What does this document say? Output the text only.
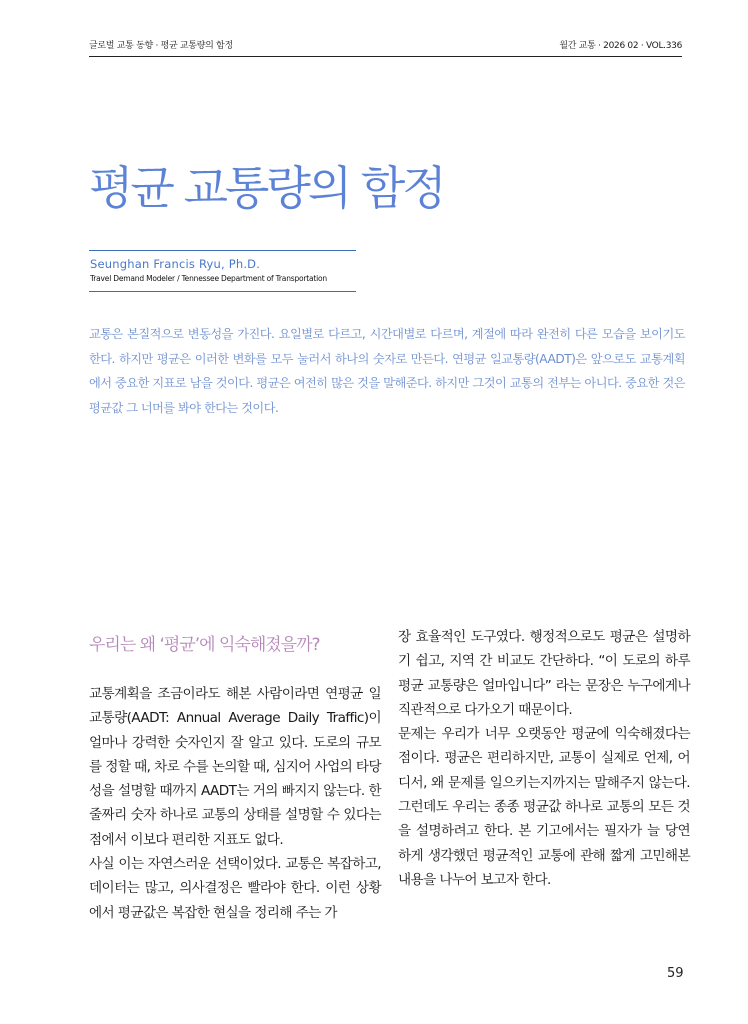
글로벌 교통 동향 · 평균 교통량의 함정	월간 교통 · 2026 02 · VOL.336
평균 교통량의 함정
Seunghan Francis Ryu, Ph.D.
Travel Demand Modeler / Tennessee Department of Transportation
교통은 본질적으로 변동성을 가진다. 요일별로 다르고, 시간대별로 다르며, 계절에 따라 완전히 다른 모습을 보이기도 한다. 하지만 평균은 이러한 변화를 모두 눌러서 하나의 숫자로 만든다. 연평균 일교통량(AADT)은 앞으로도 교통계획에서 중요한 지표로 남을 것이다. 평균은 여전히 많은 것을 말해준다. 하지만 그것이 교통의 전부는 아니다. 중요한 것은 평균값 그 너머를 봐야 한다는 것이다.
우리는 왜 ‘평균’에 익숙해졌을까?

교통계획을 조금이라도 해본 사람이라면 연평균 일교통량(AADT: Annual Average Daily Traffic)이 얼마나 강력한 숫자인지 잘 알고 있다. 도로의 규모를 정할 때, 차로 수를 논의할 때, 심지어 사업의 타당성을 설명할 때까지 AADT는 거의 빠지지 않는다. 한 줄짜리 숫자 하나로 교통의 상태를 설명할 수 있다는 점에서 이보다 편리한 지표도 없다.

사실 이는 자연스러운 선택이었다. 교통은 복잡하고, 데이터는 많고, 의사결정은 빨라야 한다. 이런 상황에서 평균값은 복잡한 현실을 정리해 주는 가

장 효율적인 도구였다. 행정적으로도 평균은 설명하기 쉽고, 지역 간 비교도 간단하다. “이 도로의 하루 평균 교통량은 얼마입니다” 라는 문장은 누구에게나 직관적으로 다가오기 때문이다.

문제는 우리가 너무 오랫동안 평균에 익숙해졌다는 점이다. 평균은 편리하지만, 교통이 실제로 언제, 어디서, 왜 문제를 일으키는지까지는 말해주지 않는다. 그런데도 우리는 종종 평균값 하나로 교통의 모든 것을 설명하려고 한다. 본 기고에서는 필자가 늘 당연하게 생각했던 평균적인 교통에 관해 짧게 고민해본 내용을 나누어 보고자 한다.

59
